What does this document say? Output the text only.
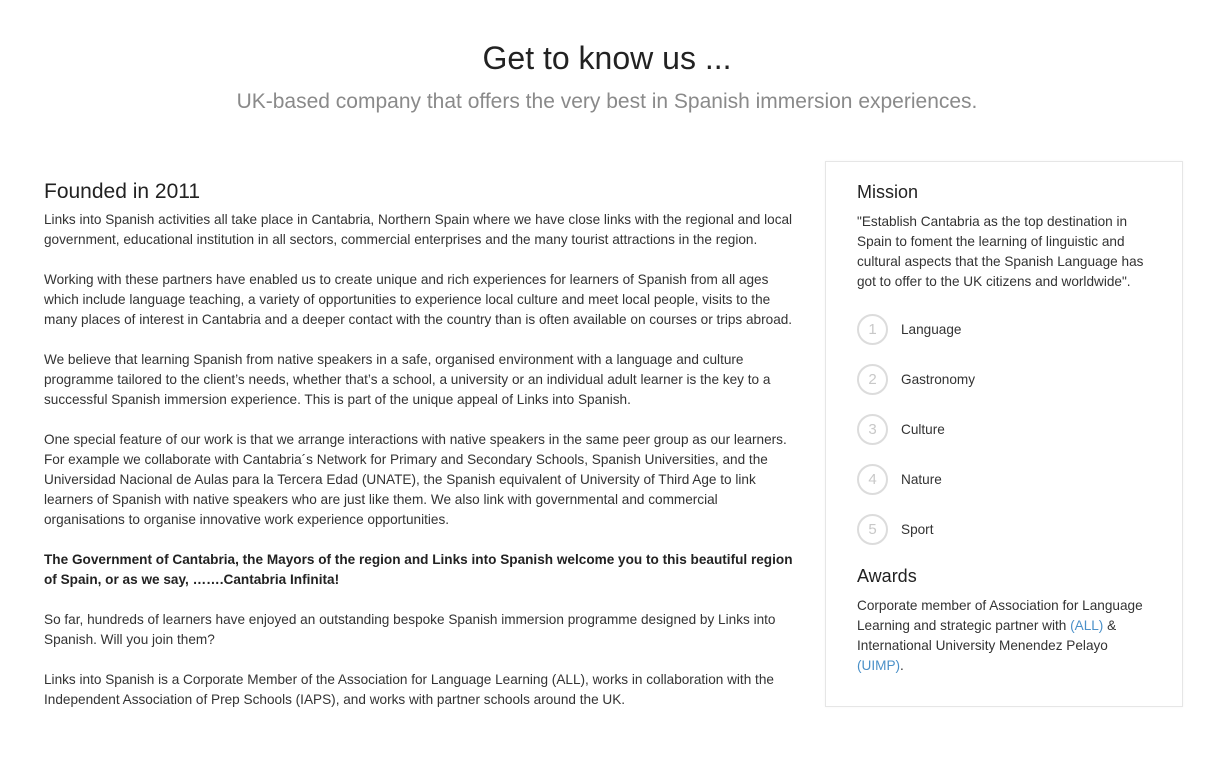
Get to know us ...
UK-based company that offers the very best in Spanish immersion experiences.
Founded in 2011

Links into Spanish activities all take place in Cantabria, Northern Spain where we have close links with the regional and local government, educational institution in all sectors, commercial enterprises and the many tourist attractions in the region.

Working with these partners have enabled us to create unique and rich experiences for learners of Spanish from all ages which include language teaching, a variety of opportunities to experience local culture and meet local people, visits to the many places of interest in Cantabria and a deeper contact with the country than is often available on courses or trips abroad.

We believe that learning Spanish from native speakers in a safe, organised environment with a language and culture programme tailored to the client’s needs, whether that’s a school, a university or an individual adult learner is the key to a successful Spanish immersion experience. This is part of the unique appeal of Links into Spanish.

One special feature of our work is that we arrange interactions with native speakers in the same peer group as our learners. For example we collaborate with Cantabria´s Network for Primary and Secondary Schools, Spanish Universities, and the Universidad Nacional de Aulas para la Tercera Edad (UNATE), the Spanish equivalent of University of Third Age to link learners of Spanish with native speakers who are just like them. We also link with governmental and commercial organisations to organise innovative work experience opportunities.

The Government of Cantabria, the Mayors of the region and Links into Spanish welcome you to this beautiful region of Spain, or as we say, …….Cantabria Infinita!

So far, hundreds of learners have enjoyed an outstanding bespoke Spanish immersion programme designed by Links into Spanish. Will you join them?

Links into Spanish is a Corporate Member of the Association for Language Learning (ALL), works in collaboration with the Independent Association of Prep Schools (IAPS), and works with partner schools around the UK.

Mission

"Establish Cantabria as the top destination in Spain to foment the learning of linguistic and cultural aspects that the Spanish Language has got to offer to the UK citizens and worldwide".

1	Language
2	Gastronomy
3	Culture
4	Nature
5	Sport
Awards

Corporate member of Association for Language Learning and strategic partner with (ALL) & International University Menendez Pelayo (UIMP).
